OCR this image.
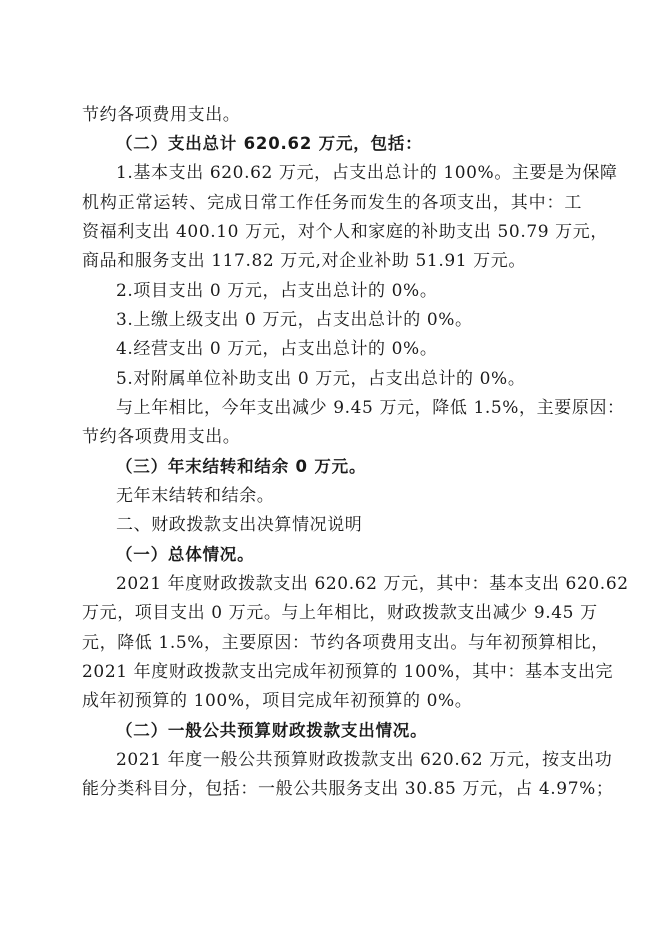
节约各项费用支出。
（二）支出总计 620.62 万元，包括：
1.基本支出 620.62 万元，占支出总计的 100%。主要是为保障
机构正常运转、完成日常工作任务而发生的各项支出，其中：工
资福利支出 400.10 万元，对个人和家庭的补助支出 50.79 万元，
商品和服务支出 117.82 万元,对企业补助 51.91 万元。
2.项目支出 0 万元，占支出总计的 0%。
3.上缴上级支出 0 万元，占支出总计的 0%。
4.经营支出 0 万元，占支出总计的 0%。
5.对附属单位补助支出 0 万元，占支出总计的 0%。
与上年相比，今年支出减少 9.45 万元，降低 1.5%，主要原因：
节约各项费用支出。
（三）年末结转和结余 0 万元。
无年末结转和结余。
二、财政拨款支出决算情况说明
（一）总体情况。
2021 年度财政拨款支出 620.62 万元，其中：基本支出 620.62
万元，项目支出 0 万元。与上年相比，财政拨款支出减少 9.45 万
元，降低 1.5%，主要原因：节约各项费用支出。与年初预算相比，
2021 年度财政拨款支出完成年初预算的 100%，其中：基本支出完
成年初预算的 100%，项目完成年初预算的 0%。
（二）一般公共预算财政拨款支出情况。
2021 年度一般公共预算财政拨款支出 620.62 万元，按支出功
能分类科目分，包括：一般公共服务支出 30.85 万元，占 4.97%；
